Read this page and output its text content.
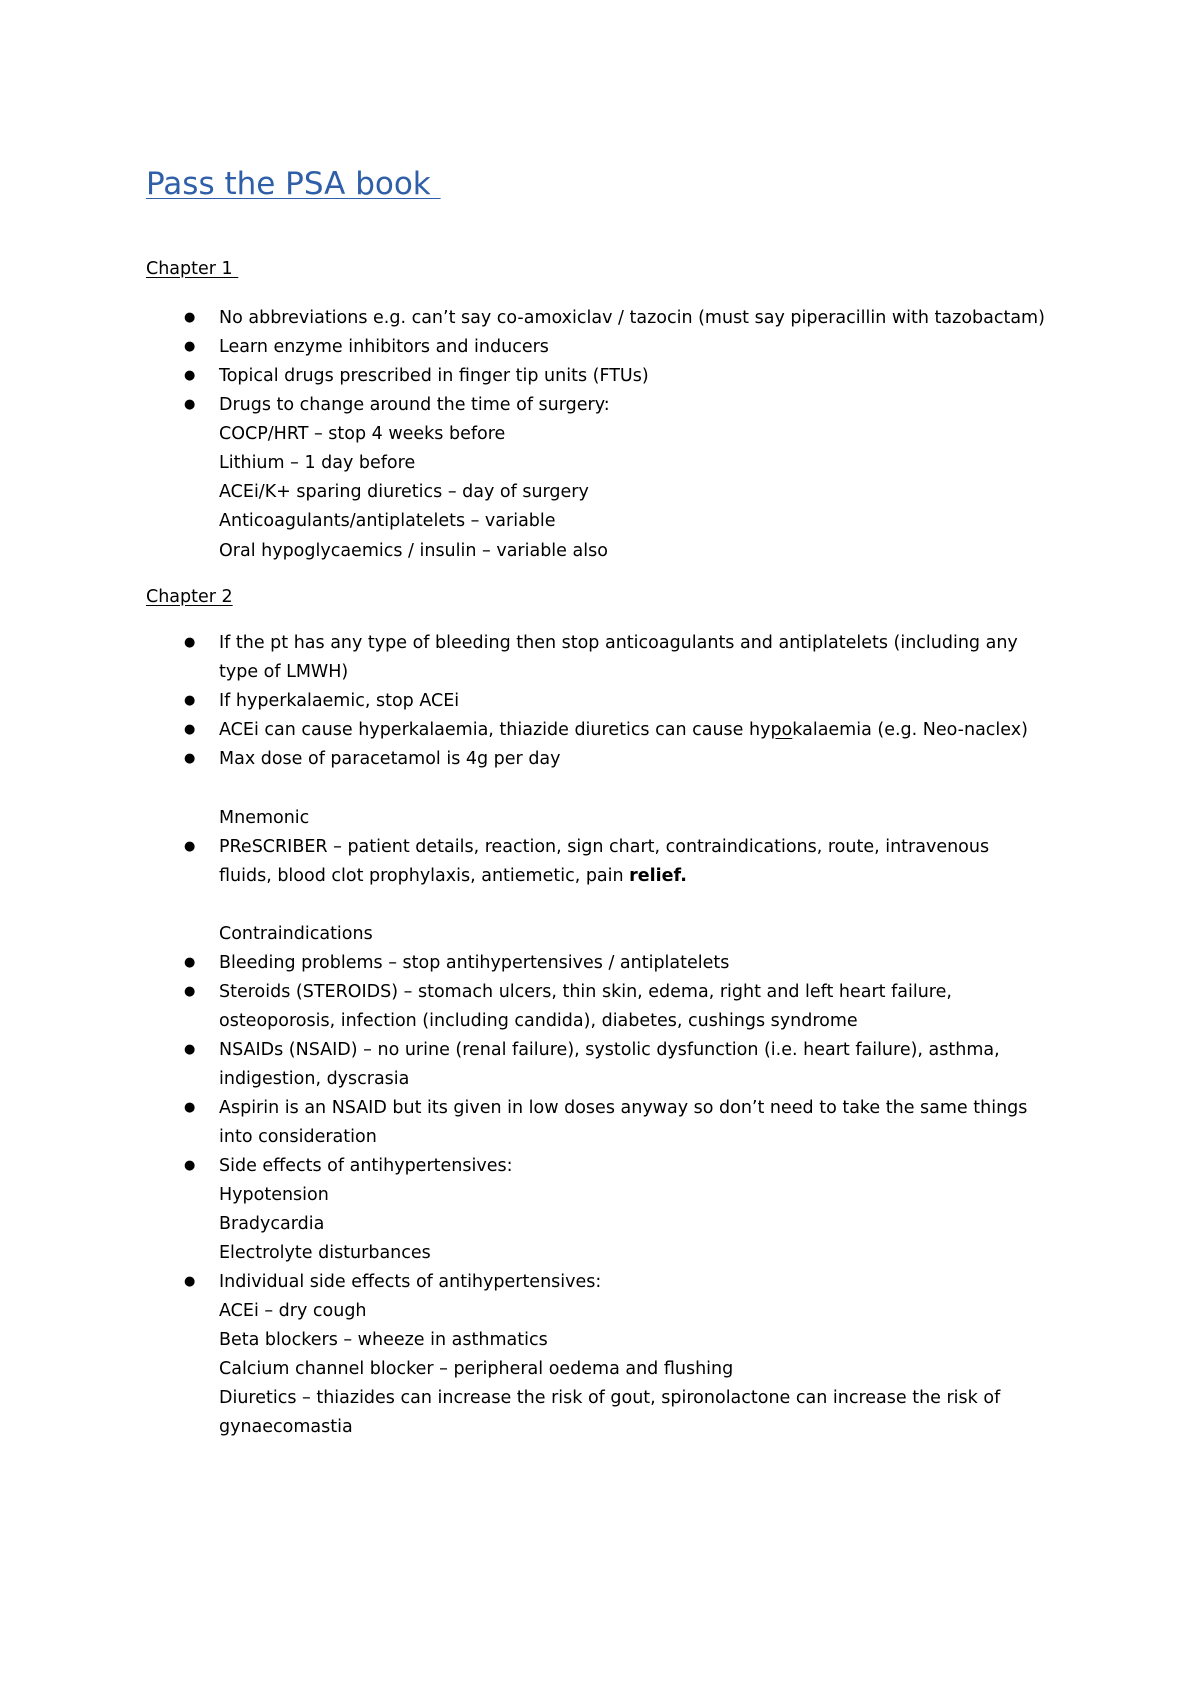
Pass the PSA book
Chapter 1
● No abbreviations e.g. can’t say co-amoxiclav / tazocin (must say piperacillin with tazobactam)

● Learn enzyme inhibitors and inducers

● Topical drugs prescribed in finger tip units (FTUs)

● Drugs to change around the time of surgery:

COCP/HRT – stop 4 weeks before

Lithium – 1 day before

ACEi/K+ sparing diuretics – day of surgery

Anticoagulants/antiplatelets – variable

Oral hypoglycaemics / insulin – variable also

Chapter 2
● If the pt has any type of bleeding then stop anticoagulants and antiplatelets (including any

type of LMWH)

● If hyperkalaemic, stop ACEi

● ACEi can cause hyperkalaemia, thiazide diuretics can cause hypokalaemia (e.g. Neo-naclex)

● Max dose of paracetamol is 4g per day

Mnemonic

● PReSCRIBER – patient details, reaction, sign chart, contraindications, route, intravenous

fluids, blood clot prophylaxis, antiemetic, pain relief.

Contraindications

● Bleeding problems – stop antihypertensives / antiplatelets

● Steroids (STEROIDS) – stomach ulcers, thin skin, edema, right and left heart failure,

osteoporosis, infection (including candida), diabetes, cushings syndrome

● NSAIDs (NSAID) – no urine (renal failure), systolic dysfunction (i.e. heart failure), asthma,

indigestion, dyscrasia

● Aspirin is an NSAID but its given in low doses anyway so don’t need to take the same things

into consideration

● Side effects of antihypertensives:

Hypotension

Bradycardia

Electrolyte disturbances

● Individual side effects of antihypertensives:

ACEi – dry cough

Beta blockers – wheeze in asthmatics

Calcium channel blocker – peripheral oedema and flushing

Diuretics – thiazides can increase the risk of gout, spironolactone can increase the risk of

gynaecomastia
